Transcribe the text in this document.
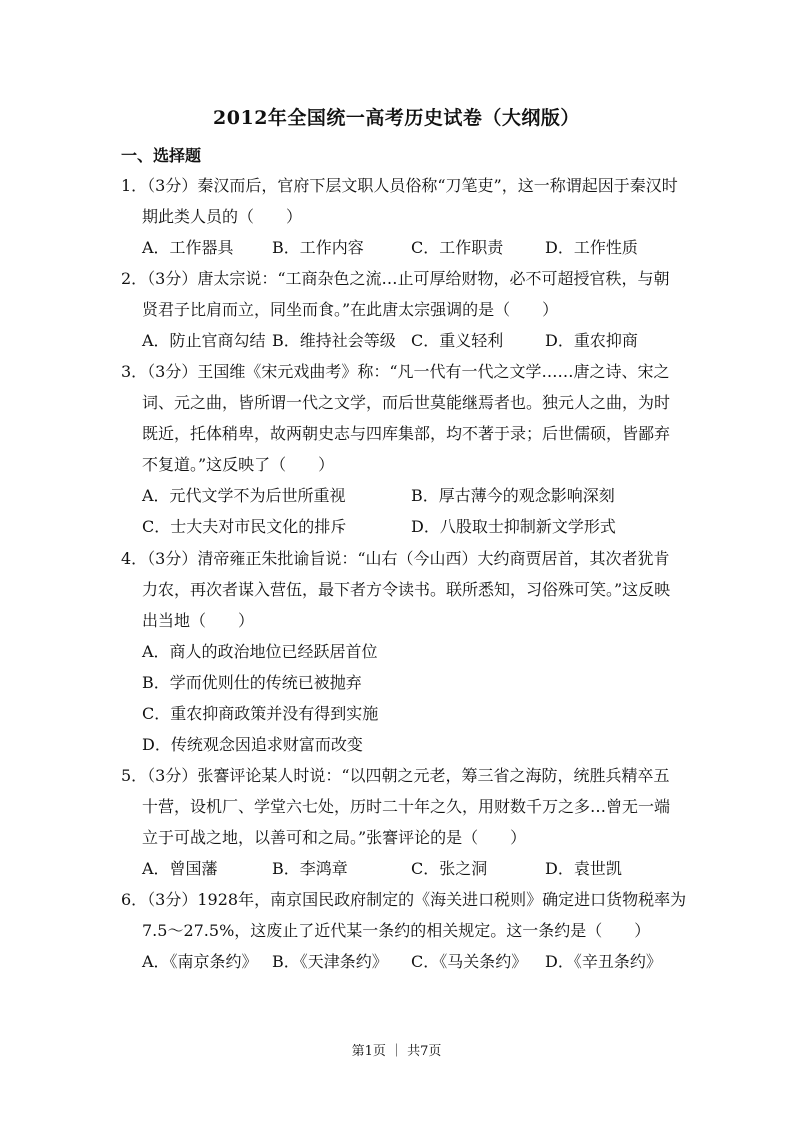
2012年全国统一高考历史试卷（大纲版）
一、选择题
1．（3分）秦汉而后，官府下层文职人员俗称“刀笔吏”，这一称谓起因于秦汉时
期此类人员的（　　）
A．工作器具 B．工作内容	C．工作职责	D．工作性质
2．（3分）唐太宗说：“工商杂色之流…止可厚给财物，必不可超授官秩，与朝
贤君子比肩而立，同坐而食。”在此唐太宗强调的是（　　）
A．防止官商勾结 B．维持社会等级 C．重义轻利	D．重农抑商
3．（3分）王国维《宋元戏曲考》称：“凡一代有一代之文学……唐之诗、宋之
词、元之曲，皆所谓一代之文学，而后世莫能继焉者也。独元人之曲，为时
既近，托体稍卑，故两朝史志与四库集部，均不著于录；后世儒硕，皆鄙弃
不复道。”这反映了（　　）
A．元代文学不为后世所重视	B．厚古薄今的观念影响深刻
C．士大夫对市民文化的排斥	D．八股取士抑制新文学形式
4．（3分）清帝雍正朱批谕旨说：“山右（今山西）大约商贾居首，其次者犹肯
力农，再次者谋入营伍，最下者方令读书。联所悉知，习俗殊可笑。”这反映
出当地（　　）
A．商人的政治地位已经跃居首位
B．学而优则仕的传统已被抛弃
C．重农抑商政策并没有得到实施
D．传统观念因追求财富而改变
5．（3分）张謇评论某人时说：“以四朝之元老，筹三省之海防，统胜兵精卒五
十营，设机厂、学堂六七处，历时二十年之久，用财数千万之多…曾无一端
立于可战之地，以善可和之局。”张謇评论的是（　　）
A．曾国藩	B．李鸿章	C．张之洞	D．袁世凯
6．（3分）1928年，南京国民政府制定的《海关进口税则》确定进口货物税率为
7.5～27.5%，这废止了近代某一条约的相关规定。这一条约是（　　）
A．《南京条约》 B．《天津条约》 C．《马关条约》 D．《辛丑条约》
第1页 ｜ 共7页
